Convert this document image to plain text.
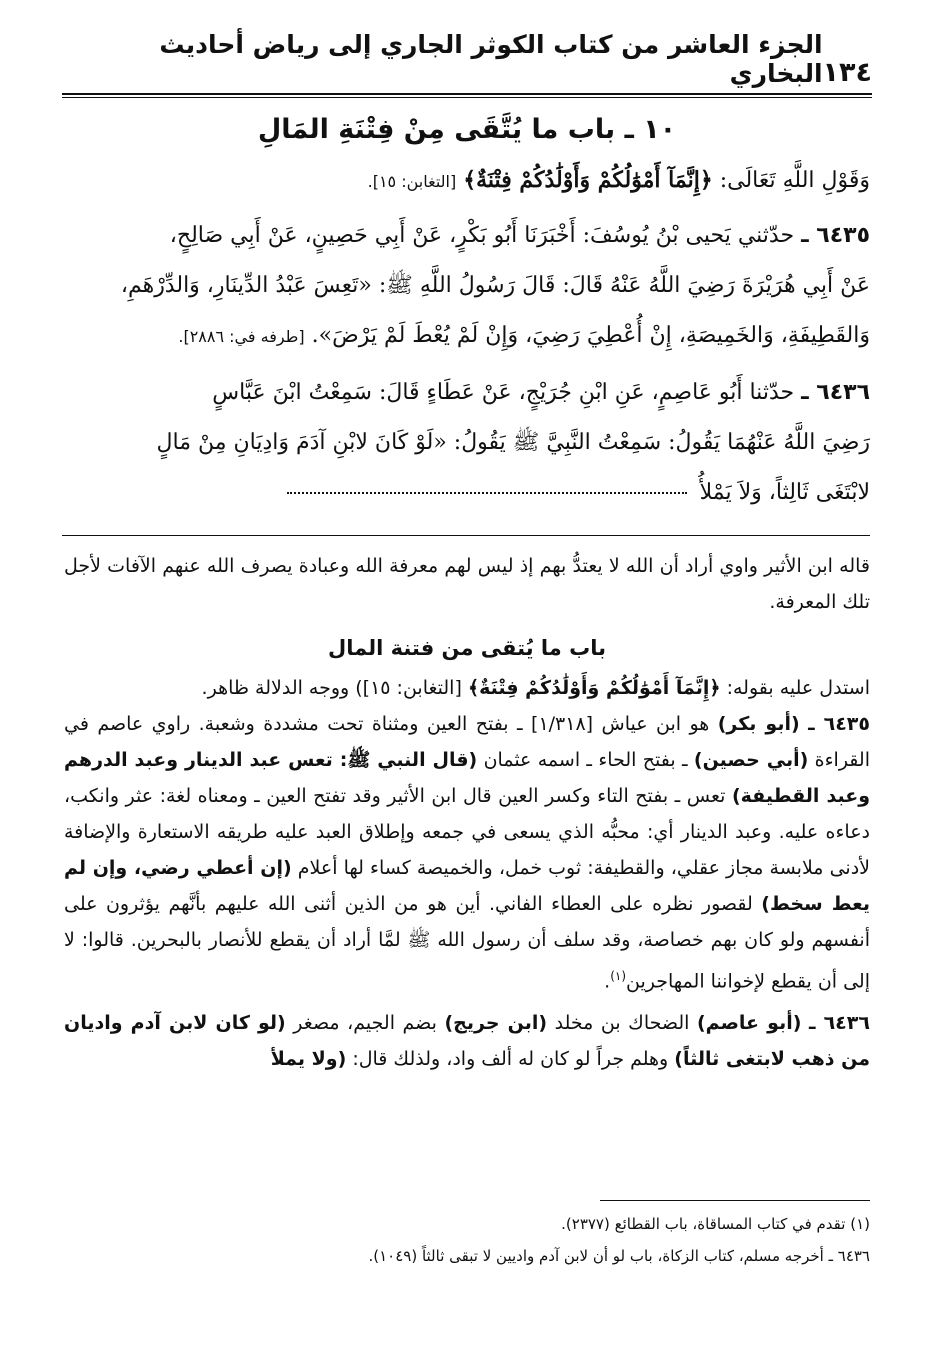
١٣٤
الجزء العاشر من كتاب الكوثر الجاري إلى رياض أحاديث البخاري
١٠ ـ باب ما يُتَّقَى مِنْ فِتْنَةِ المَالِ

وَقَوْلِ اللَّهِ تَعَالَى: ﴿إِنَّمَآ أَمْوَٰلُكُمْ وَأَوْلَٰدُكُمْ فِتْنَةٌ﴾ [التغابن: ١٥].

٦٤٣٥ ـ حدّثني يَحيى بْنُ يُوسُفَ: أَخْبَرَنَا أَبُو بَكْرٍ، عَنْ أَبِي حَصِينٍ، عَنْ أَبِي صَالِحٍ،

عَنْ أَبِي هُرَيْرَةَ رَضِيَ اللَّهُ عَنْهُ قَالَ: قَالَ رَسُولُ اللَّهِ ﷺ: «تَعِسَ عَبْدُ الدِّينَارِ، وَالدِّرْهَمِ،

وَالقَطِيفَةِ، وَالخَمِيصَةِ، إِنْ أُعْطِيَ رَضِيَ، وَإِنْ لَمْ يُعْطَ لَمْ يَرْضَ». [طرفه في: ٢٨٨٦].

٦٤٣٦ ـ حدّثنا أَبُو عَاصِمٍ، عَنِ ابْنِ جُرَيْجٍ، عَنْ عَطَاءٍ قَالَ: سَمِعْتُ ابْنَ عَبَّاسٍ

رَضِيَ اللَّهُ عَنْهُمَا يَقُولُ: سَمِعْتُ النَّبِيَّ ﷺ يَقُولُ: «لَوْ كَانَ لابْنِ آدَمَ وَادِيَانِ مِنْ مَالٍ

لابْتَغَى ثَالِثاً، وَلاَ يَمْلأُ

قاله ابن الأثير واوي أراد أن الله لا يعتدُّ بهم إذ ليس لهم معرفة الله وعبادة يصرف الله عنهم الآفات لأجل تلك المعرفة.

باب ما يُتقى من فتنة المال

استدل عليه بقوله: ﴿إِنَّمَآ أَمْوَٰلُكُمْ وَأَوْلَٰدُكُمْ فِتْنَةٌ﴾ [التغابن: ١٥]) ووجه الدلالة ظاهر.

٦٤٣٥ ـ (أبو بكر) هو ابن عياش [١/٣١٨] ـ بفتح العين ومثناة تحت مشددة وشعبة. راوي عاصم في القراءة (أبي حصين) ـ بفتح الحاء ـ اسمه عثمان (قال النبي ﷺ: تعس عبد الدينار وعبد الدرهم وعبد القطيفة) تعس ـ بفتح التاء وكسر العين قال ابن الأثير وقد تفتح العين ـ ومعناه لغة: عثر وانكب، دعاءه عليه. وعبد الدينار أي: محبُّه الذي يسعى في جمعه وإطلاق العبد عليه طريقه الاستعارة والإضافة لأدنى ملابسة مجاز عقلي، والقطيفة: ثوب خمل، والخميصة كساء لها أعلام (إن أعطي رضي، وإن لم يعط سخط) لقصور نظره على العطاء الفاني. أين هو من الذين أثنى الله عليهم بأنَّهم يؤثرون على أنفسهم ولو كان بهم خصاصة، وقد سلف أن رسول الله ﷺ لمَّا أراد أن يقطع للأنصار بالبحرين. قالوا: لا إلى أن يقطع لإخواننا المهاجرين$^{(١)}$.

٦٤٣٦ ـ (أبو عاصم) الضحاك بن مخلد (ابن جريج) بضم الجيم، مصغر (لو كان لابن آدم واديان من ذهب لابتغى ثالثاً) وهلم جراً لو كان له ألف واد، ولذلك قال: (ولا يملأ

(١) تقدم في كتاب المساقاة، باب القطائع (٢٣٧٧).

٦٤٣٦ ـ أخرجه مسلم، كتاب الزكاة، باب لو أن لابن آدم واديين لا تبقى ثالثاً (١٠٤٩).
